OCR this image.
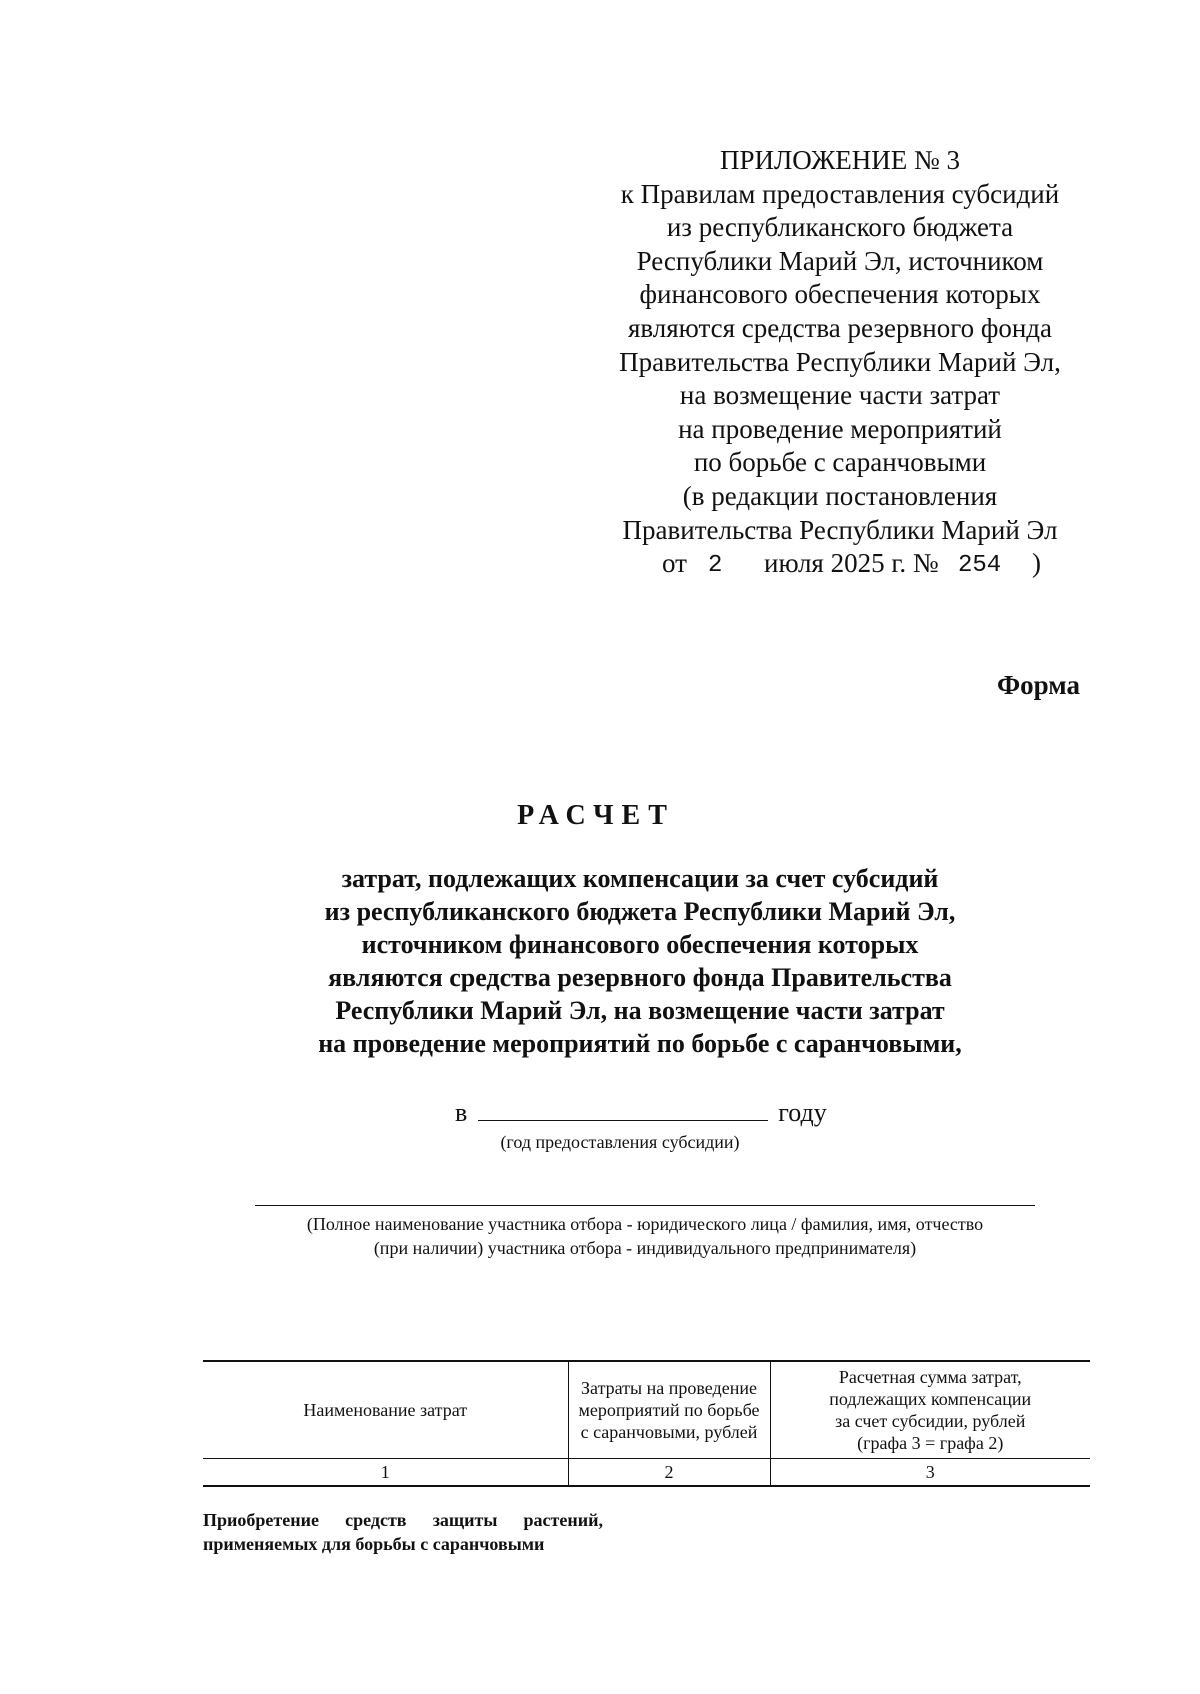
ПРИЛОЖЕНИЕ № 3
к Правилам предоставления субсидий
из республиканского бюджета
Республики Марий Эл, источником
финансового обеспечения которых
являются средства резервного фонда
Правительства Республики Марий Эл,
на возмещение части затрат
на проведение мероприятий
по борьбе с саранчовыми
(в редакции постановления
Правительства Республики Марий Эл
от 2 июля 2025 г. № 254 )
Форма
РАСЧЕТ
затрат, подлежащих компенсации за счет субсидий
из республиканского бюджета Республики Марий Эл,
источником финансового обеспечения которых
являются средства резервного фонда Правительства
Республики Марий Эл, на возмещение части затрат
на проведение мероприятий по борьбе с саранчовыми,
в	году
(год предоставления субсидии)
(Полное наименование участника отбора - юридического лица / фамилия, имя, отчество
(при наличии) участника отбора - индивидуального предпринимателя)
Наименование затрат	Затраты на проведение
мероприятий по борьбе
с саранчовыми, рублей	Расчетная сумма затрат,
подлежащих компенсации
за счет субсидии, рублей
(графа 3 = графа 2)

1	2	3
Приобретение средств защиты растений,
применяемых для борьбы с саранчовыми
